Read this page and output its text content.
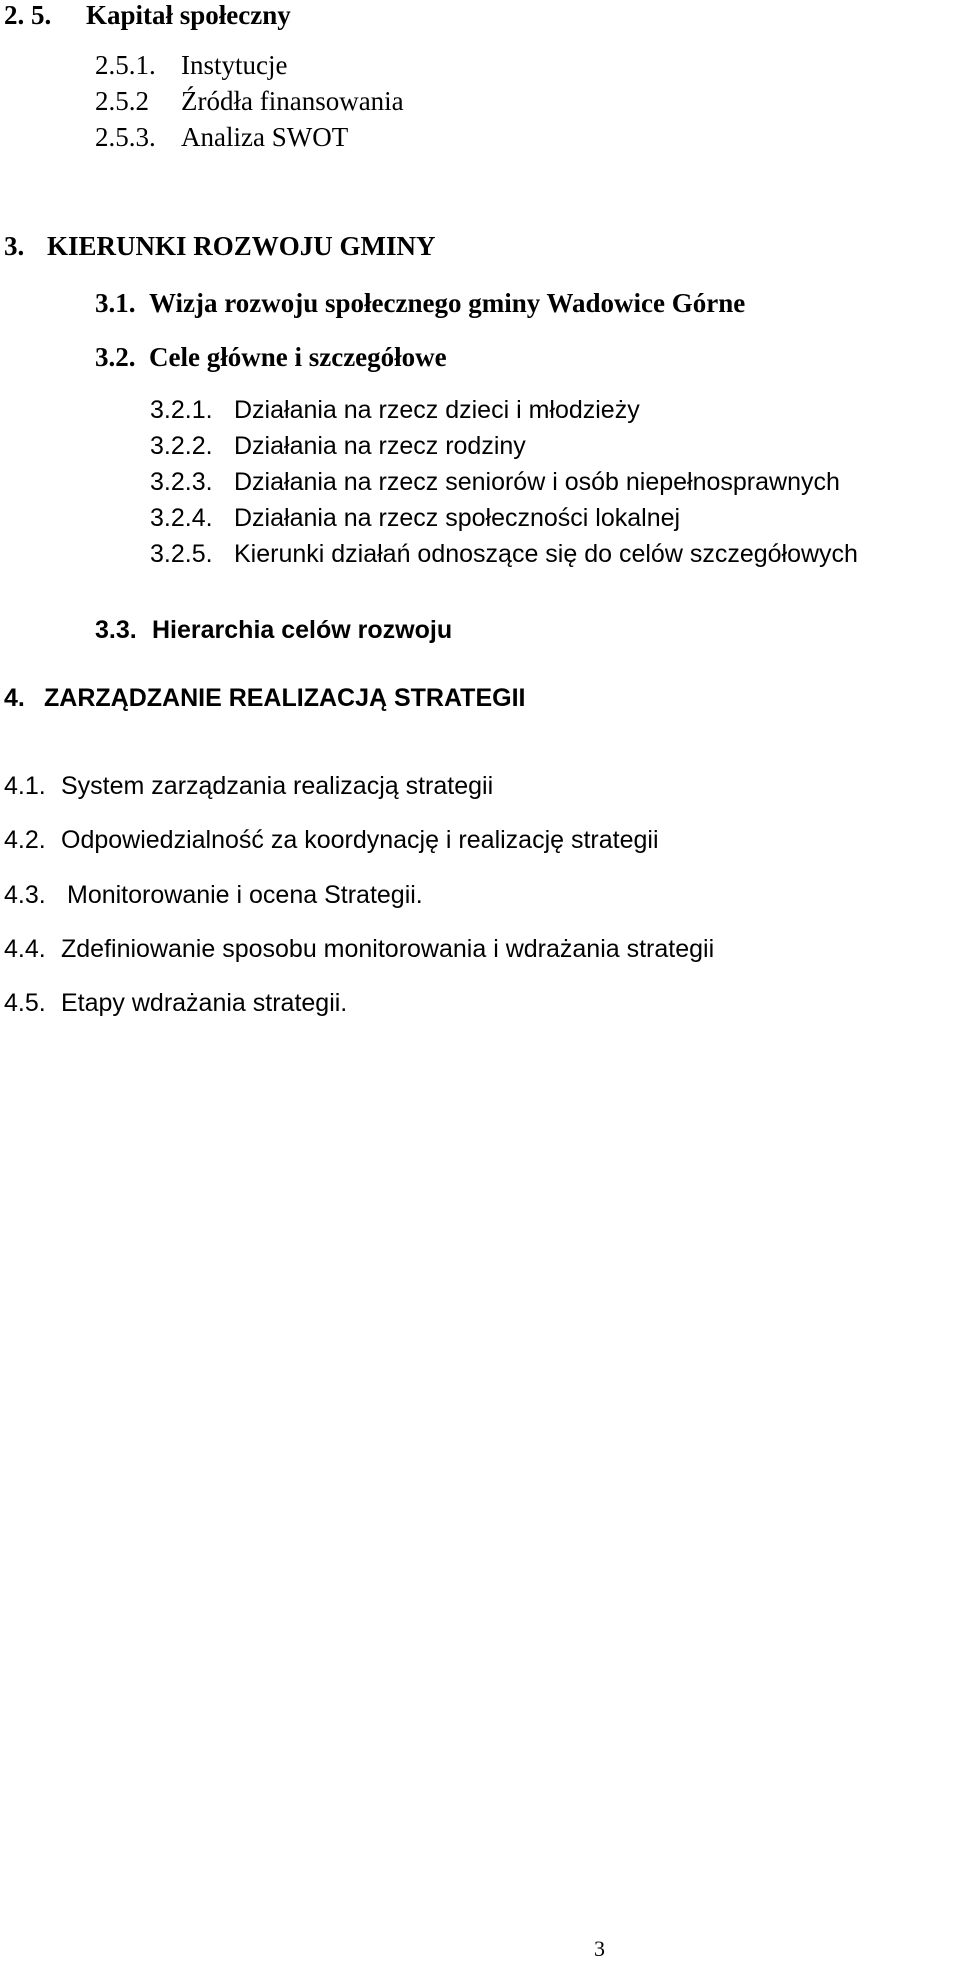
2. 5. Kapitał społeczny
2.5.1. Instytucje
2.5.2 Źródła finansowania
2.5.3. Analiza SWOT
3. KIERUNKI ROZWOJU GMINY
3.1. Wizja rozwoju społecznego gminy Wadowice Górne
3.2. Cele główne i szczegółowe
3.2.1. Działania na rzecz dzieci i młodzieży
3.2.2. Działania na rzecz rodziny
3.2.3. Działania na rzecz seniorów i osób niepełnosprawnych
3.2.4. Działania na rzecz społeczności lokalnej
3.2.5. Kierunki działań odnoszące się do celów szczegółowych
3.3. Hierarchia celów rozwoju
4. ZARZĄDZANIE REALIZACJĄ STRATEGII
4.1. System zarządzania realizacją strategii
4.2. Odpowiedzialność za koordynację i realizację strategii
4.3. Monitorowanie i ocena Strategii.
4.4. Zdefiniowanie sposobu monitorowania i wdrażania strategii
4.5. Etapy wdrażania strategii.
3
